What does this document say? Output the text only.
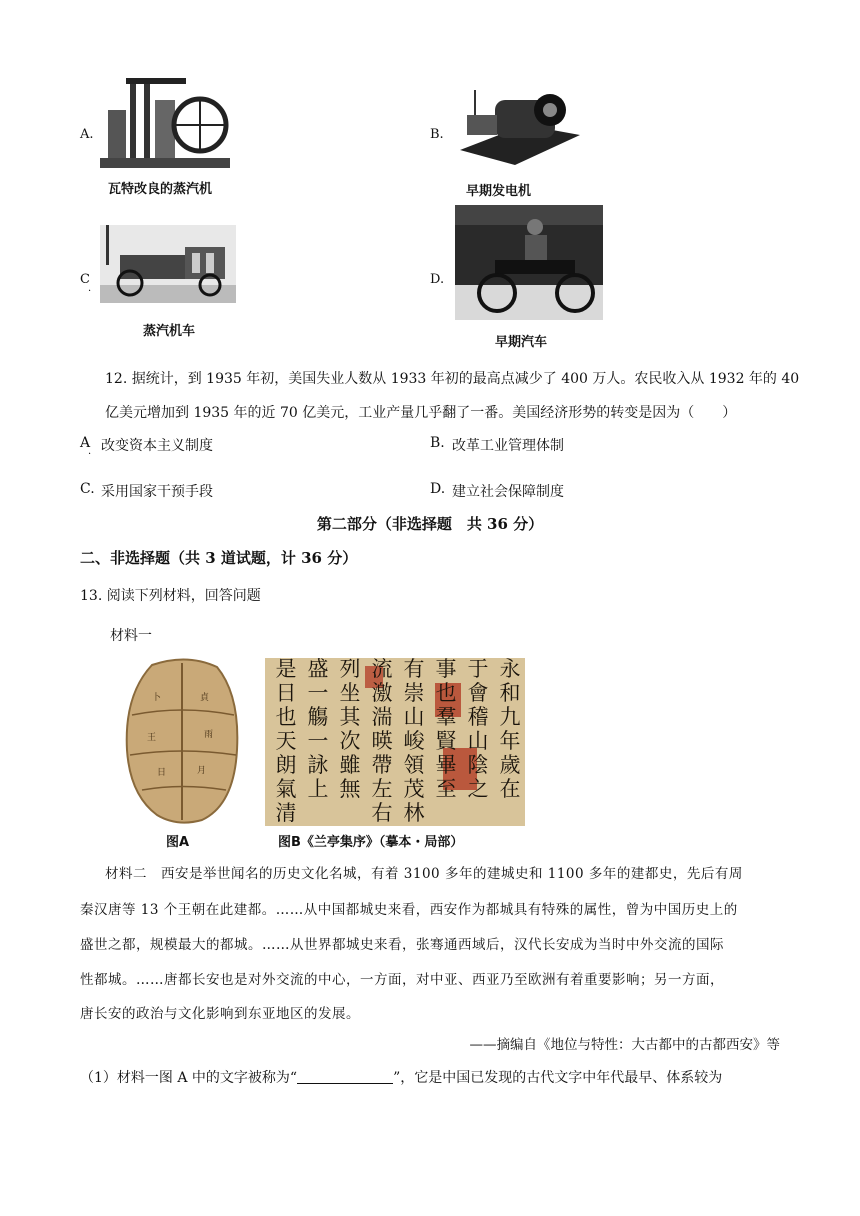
A.
瓦特改良的蒸汽机
B.
早期发电机
C
·
蒸汽机车
D.
早期汽车
12. 据统计，到 1935 年初，美国失业人数从 1933 年初的最高点减少了 400 万人。农民收入从 1932 年的 40
亿美元增加到 1935 年的近 70 亿美元，工业产量几乎翻了一番。美国经济形势的转变是因为（　　）
A
·
改变资本主义制度	B. 改革工业管理体制
C. 采用国家干预手段	D. 建立社会保障制度
第二部分（非选择题　共 36 分）
二、非选择题（共 3 道试题，计 36 分）
13. 阅读下列材料，回答问题
材料一
卜	貞
王	雨
日	月
图A
永
和
九
年
歲
在
于
會
稽
山
陰
之
事
也
羣
賢
畢
至
有
崇
山
峻
領
茂
林
流
激
湍
暎
帶
左
右
列
坐
其
次
雖
無
盛
一
觴
一
詠
上
是
日
也
天
朗
氣
清
图B《兰亭集序》（摹本・局部）
材料二　西安是举世闻名的历史文化名城，有着 3100 多年的建城史和 1100 多年的建都史，先后有周
秦汉唐等 13 个王朝在此建都。……从中国都城史来看，西安作为都城具有特殊的属性，曾为中国历史上的
盛世之都，规模最大的都城。……从世界都城史来看，张骞通西域后，汉代长安成为当时中外交流的国际
性都城。……唐都长安也是对外交流的中心，一方面，对中亚、西亚乃至欧洲有着重要影响；另一方面，
唐长安的政治与文化影响到东亚地区的发展。
——摘编自《地位与特性：大古都中的古都西安》等
（1）材料一图 A 中的文字被称为“	”，它是中国已发现的古代文字中年代最早、体系较为
